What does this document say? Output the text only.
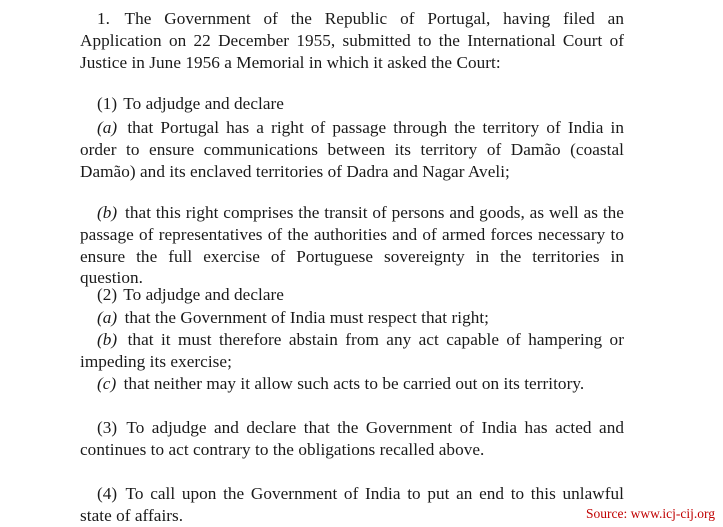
1. The Government of the Republic of Portugal, having filed an Application on 22 December 1955, submitted to the International Court of Justice in June 1956 a Memorial in which it asked the Court:

(1) To adjudge and declare

(a) that Portugal has a right of passage through the territory of India in order to ensure communications between its territory of Damão (coastal Damão) and its enclaved territories of Dadra and Nagar Aveli;

(b) that this right comprises the transit of persons and goods, as well as the passage of representatives of the authorities and of armed forces necessary to ensure the full exercise of Portuguese sovereignty in the territories in question.

(2) To adjudge and declare

(a) that the Government of India must respect that right;

(b) that it must therefore abstain from any act capable of hampering or impeding its exercise;

(c) that neither may it allow such acts to be carried out on its territory.

(3) To adjudge and declare that the Government of India has acted and continues to act contrary to the obligations recalled above.

(4) To call upon the Government of India to put an end to this unlawful state of affairs.	Source: www.icj-cij.org
